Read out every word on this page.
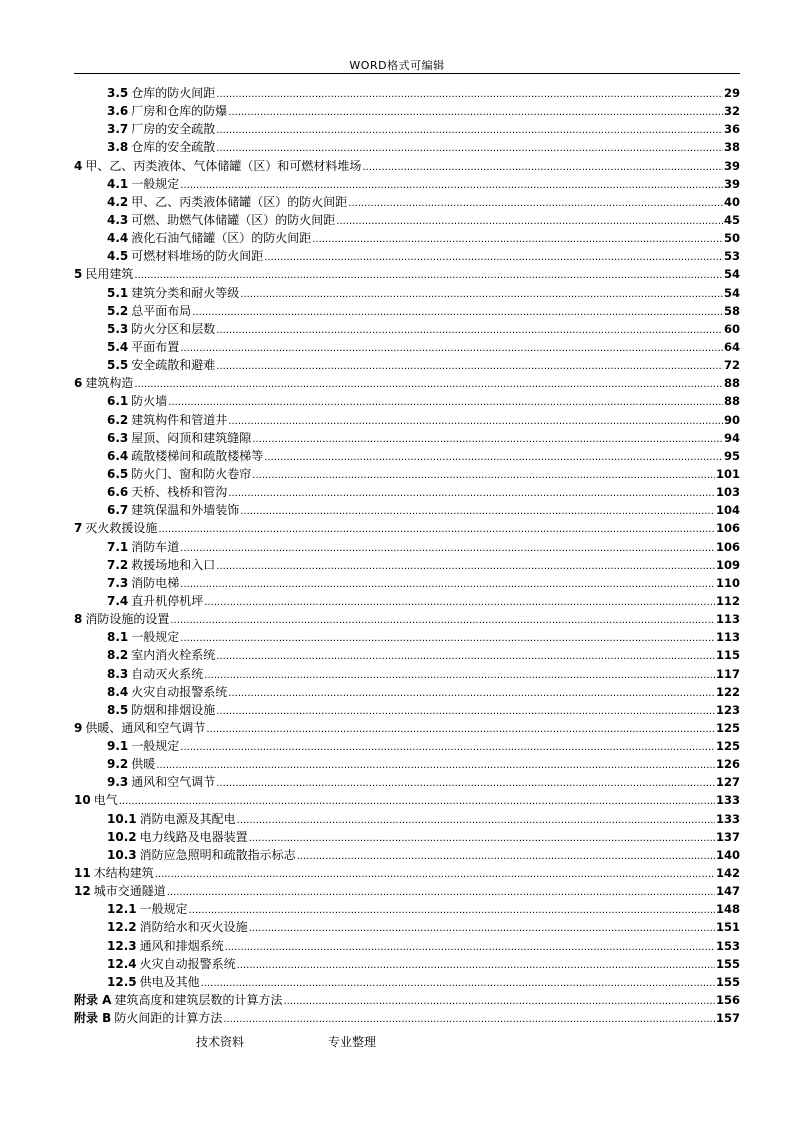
WORD格式可编辑
3.5 仓库的防火间距 .....	29
3.6 厂房和仓库的防爆 .....	32
3.7 厂房的安全疏散 .....	36
3.8 仓库的安全疏散 .....	38
4 甲、乙、丙类液体、气体储罐（区）和可燃材料堆场 .....	39
4.1 一般规定 .....	39
4.2 甲、乙、丙类液体储罐（区）的防火间距 .....	40
4.3 可燃、助燃气体储罐（区）的防火间距 .....	45
4.4 液化石油气储罐（区）的防火间距 .....	50
4.5 可燃材料堆场的防火间距 .....	53
5 民用建筑 .....	54
5.1 建筑分类和耐火等级 .....	54
5.2 总平面布局 .....	58
5.3 防火分区和层数 .....	60
5.4 平面布置 .....	64
5.5 安全疏散和避难 .....	72
6 建筑构造 .....	88
6.1 防火墙 .....	88
6.2 建筑构件和管道井 .....	90
6.3 屋顶、闷顶和建筑缝隙 .....	94
6.4 疏散楼梯间和疏散楼梯等 .....	95
6.5 防火门、窗和防火卷帘 .....	101
6.6 天桥、栈桥和管沟 .....	103
6.7 建筑保温和外墙装饰 .....	104
7 灭火救援设施 .....	106
7.1 消防车道 .....	106
7.2 救援场地和入口 .....	109
7.3 消防电梯 .....	110
7.4 直升机停机坪 .....	112
8 消防设施的设置 .....	113
8.1 一般规定 .....	113
8.2 室内消火栓系统 .....	115
8.3 自动灭火系统 .....	117
8.4 火灾自动报警系统 .....	122
8.5 防烟和排烟设施 .....	123
9 供暖、通风和空气调节 .....	125
9.1 一般规定 .....	125
9.2 供暖 .....	126
9.3 通风和空气调节 .....	127
10 电气 .....	133
10.1 消防电源及其配电 .....	133
10.2 电力线路及电器装置 .....	137
10.3 消防应急照明和疏散指示标志 .....	140
11 木结构建筑 .....	142
12 城市交通隧道 .....	147
12.1 一般规定 .....	148
12.2 消防给水和灭火设施 .....	151
12.3 通风和排烟系统 .....	153
12.4 火灾自动报警系统 .....	155
12.5 供电及其他 .....	155
附录 A 建筑高度和建筑层数的计算方法 .....	156
附录 B 防火间距的计算方法 .....	157
技术资料	专业整理
